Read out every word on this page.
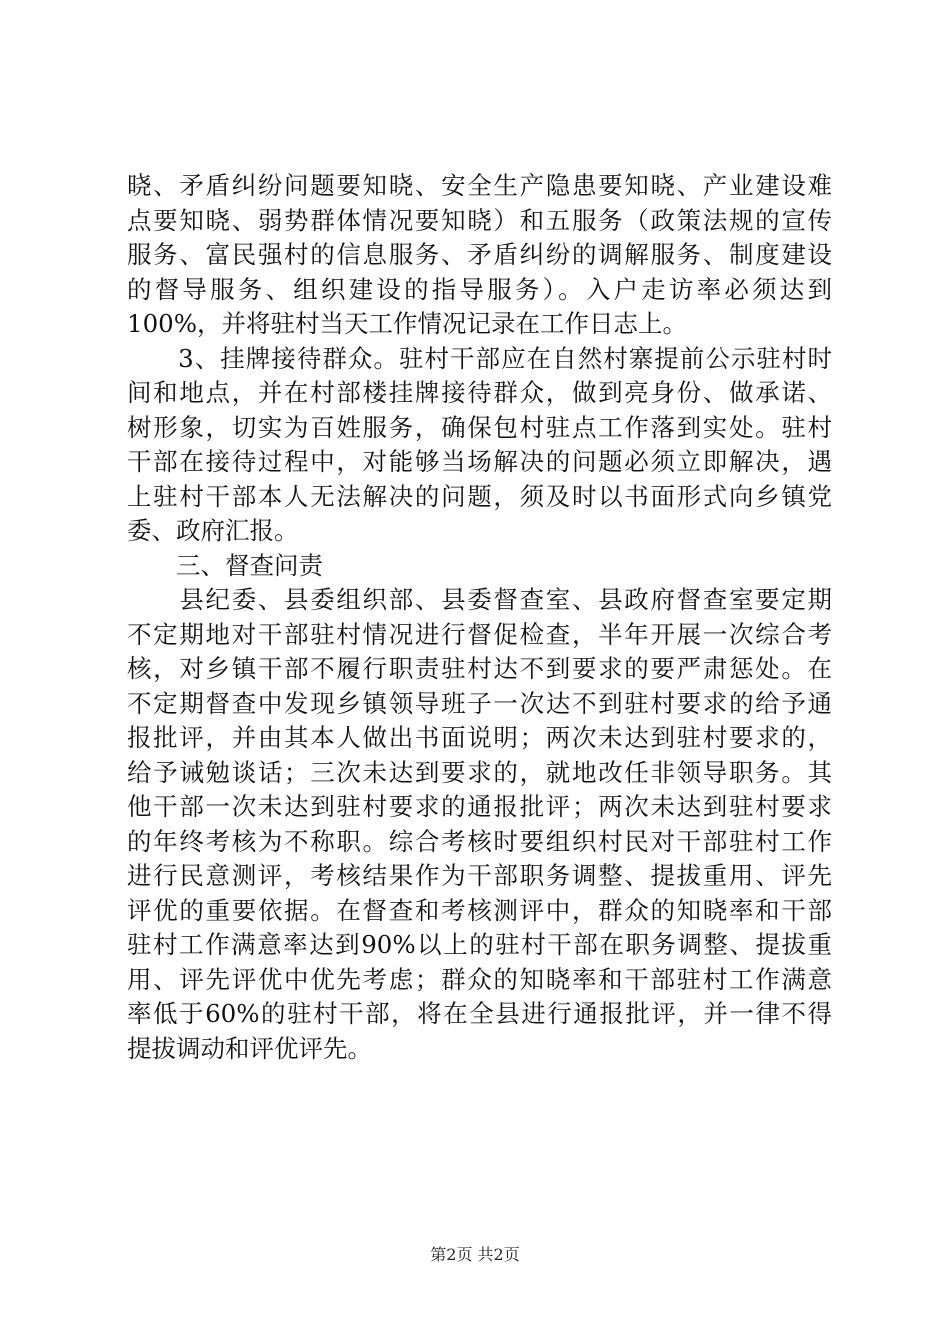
晓、矛盾纠纷问题要知晓、安全生产隐患要知晓、产业建设难
点要知晓、弱势群体情况要知晓）和五服务（政策法规的宣传
服务、富民强村的信息服务、矛盾纠纷的调解服务、制度建设
的督导服务、组织建设的指导服务）。入户走访率必须达到
100%，并将驻村当天工作情况记录在工作日志上。
　　3、挂牌接待群众。驻村干部应在自然村寨提前公示驻村时
间和地点，并在村部楼挂牌接待群众，做到亮身份、做承诺、
树形象，切实为百姓服务，确保包村驻点工作落到实处。驻村
干部在接待过程中，对能够当场解决的问题必须立即解决，遇
上驻村干部本人无法解决的问题，须及时以书面形式向乡镇党
委、政府汇报。
　　三、督查问责
　　县纪委、县委组织部、县委督查室、县政府督查室要定期
不定期地对干部驻村情况进行督促检查，半年开展一次综合考
核，对乡镇干部不履行职责驻村达不到要求的要严肃惩处。在
不定期督查中发现乡镇领导班子一次达不到驻村要求的给予通
报批评，并由其本人做出书面说明；两次未达到驻村要求的，
给予诫勉谈话；三次未达到要求的，就地改任非领导职务。其
他干部一次未达到驻村要求的通报批评；两次未达到驻村要求
的年终考核为不称职。综合考核时要组织村民对干部驻村工作
进行民意测评，考核结果作为干部职务调整、提拔重用、评先
评优的重要依据。在督查和考核测评中，群众的知晓率和干部
驻村工作满意率达到90%以上的驻村干部在职务调整、提拔重
用、评先评优中优先考虑；群众的知晓率和干部驻村工作满意
率低于60%的驻村干部，将在全县进行通报批评，并一律不得
提拔调动和评优评先。
第2页 共2页
